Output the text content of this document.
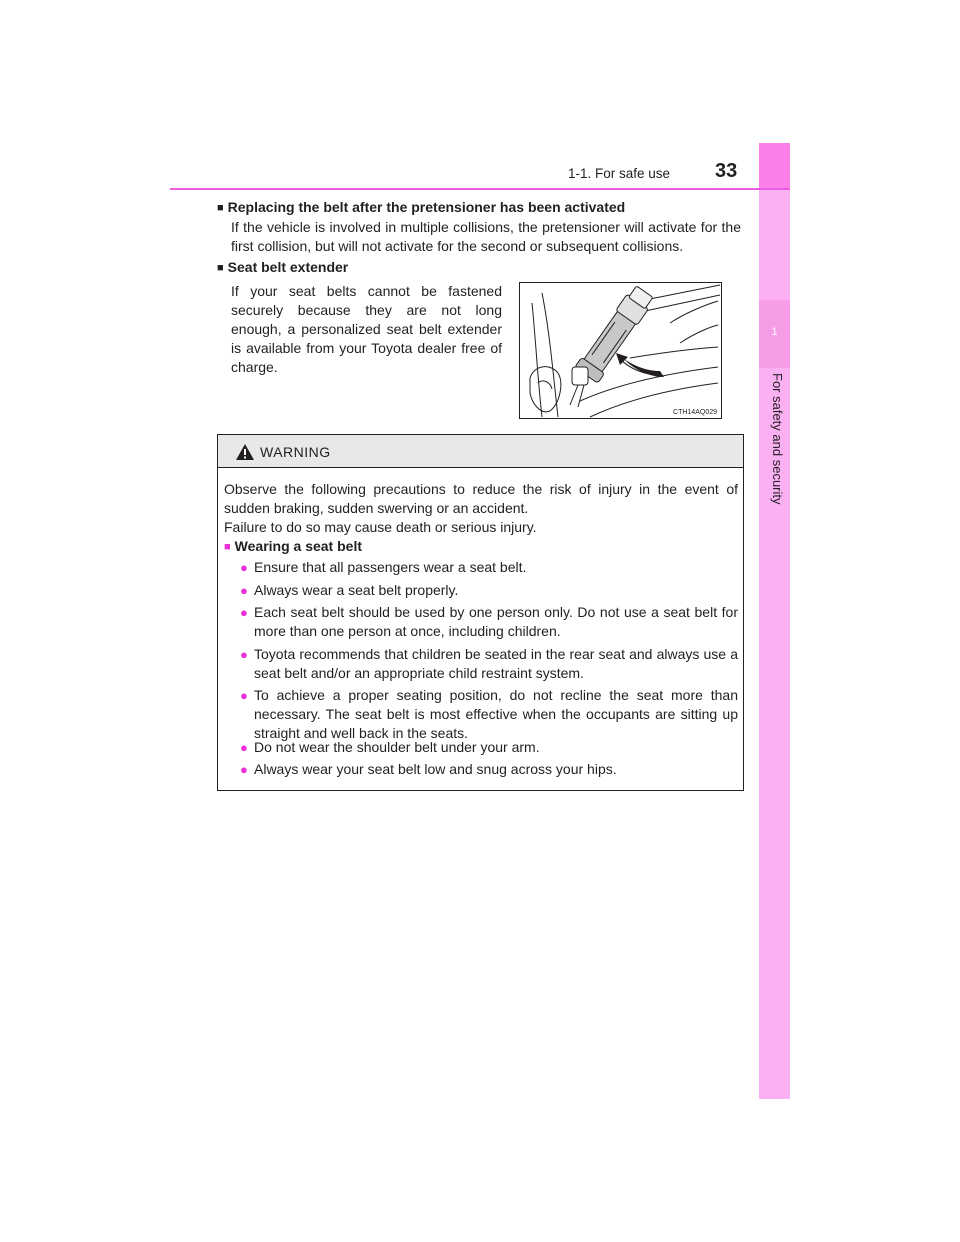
1
For safety and security
1-1. For safe use 33
■ Replacing the belt after the pretensioner has been activated
If the vehicle is involved in multiple collisions, the pretensioner will activate for the first collision, but will not activate for the second or subsequent collisions.
■ Seat belt extender
If your seat belts cannot be fastened securely because they are not long enough, a personalized seat belt extender is available from your Toyota dealer free of charge.
CTH14AQ029
WARNING
Observe the following precautions to reduce the risk of injury in the event of sudden braking, sudden swerving or an accident.
Failure to do so may cause death or serious injury.
■ Wearing a seat belt
● Ensure that all passengers wear a seat belt.
● Always wear a seat belt properly.
● Each seat belt should be used by one person only. Do not use a seat belt for more than one person at once, including children.
● Toyota recommends that children be seated in the rear seat and always use a seat belt and/or an appropriate child restraint system.
● To achieve a proper seating position, do not recline the seat more than necessary. The seat belt is most effective when the occupants are sitting up straight and well back in the seats.
● Do not wear the shoulder belt under your arm.
● Always wear your seat belt low and snug across your hips.
